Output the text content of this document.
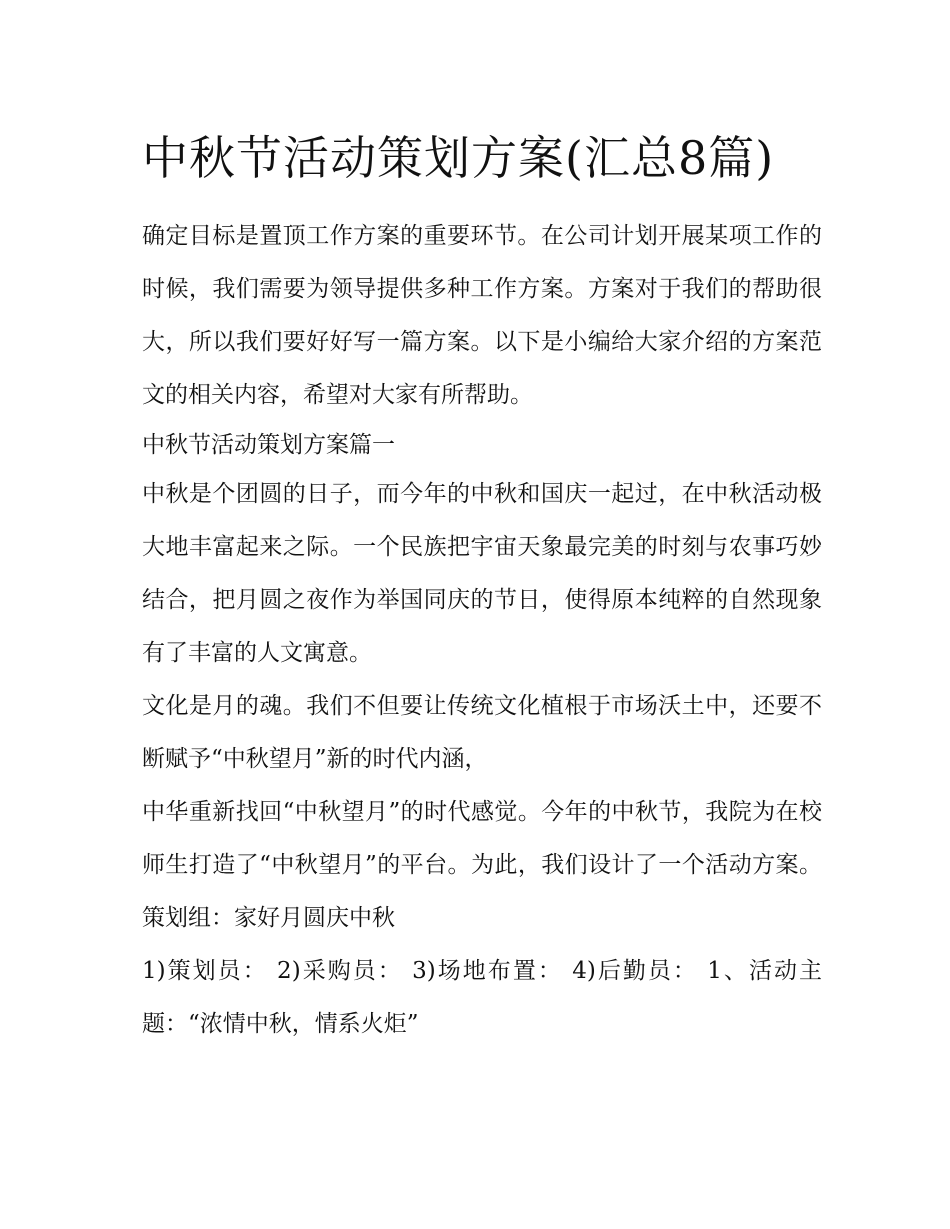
中秋节活动策划方案(汇总8篇)

确定目标是置顶工作方案的重要环节。在公司计划开展某项工作的时候，我们需要为领导提供多种工作方案。方案对于我们的帮助很大，所以我们要好好写一篇方案。以下是小编给大家介绍的方案范文的相关内容，希望对大家有所帮助。

中秋节活动策划方案篇一

中秋是个团圆的日子，而今年的中秋和国庆一起过，在中秋活动极大地丰富起来之际。一个民族把宇宙天象最完美的时刻与农事巧妙结合，把月圆之夜作为举国同庆的节日，使得原本纯粹的自然现象有了丰富的人文寓意。

文化是月的魂。我们不但要让传统文化植根于市场沃土中，还要不断赋予“中秋望月”新的时代内涵，

中华重新找回“中秋望月”的时代感觉。今年的中秋节，我院为在校师生打造了“中秋望月”的平台。为此，我们设计了一个活动方案。 策划组：家好月圆庆中秋

1)策划员： 2)采购员： 3)场地布置： 4)后勤员： 1、活动主题：“浓情中秋，情系火炬”
